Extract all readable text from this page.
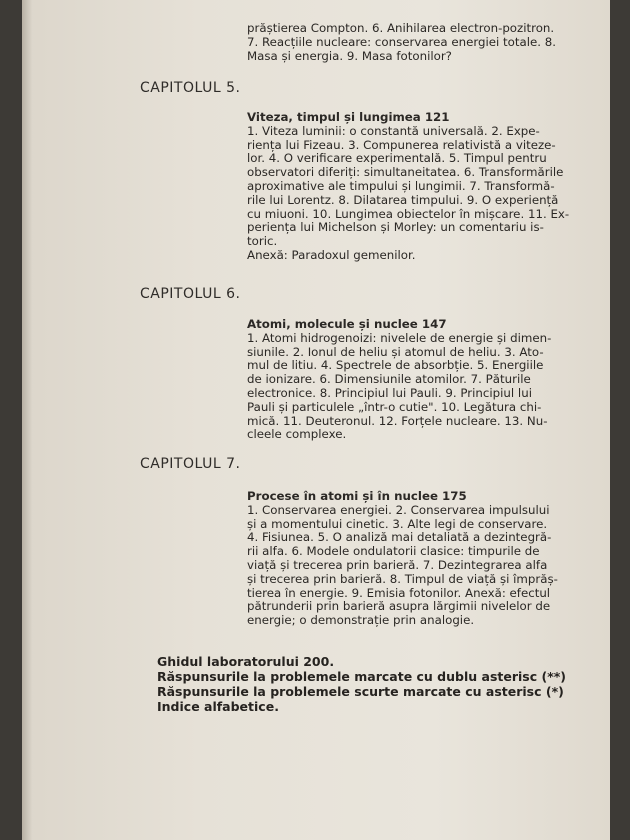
prăștierea Compton. 6. Anihilarea electron-pozitron.
7. Reacțiile nucleare: conservarea energiei totale. 8.
Masa și energia. 9. Masa fotonilor?
CAPITOLUL 5.
Viteza, timpul și lungimea 121
1. Viteza luminii: o constantă universală. 2. Expe-
riența lui Fizeau. 3. Compunerea relativistă a viteze-
lor. 4. O verificare experimentală. 5. Timpul pentru
observatori diferiți: simultaneitatea. 6. Transformările
aproximative ale timpului și lungimii. 7. Transformă-
rile lui Lorentz. 8. Dilatarea timpului. 9. O experiență
cu miuoni. 10. Lungimea obiectelor în mișcare. 11. Ex-
periența lui Michelson și Morley: un comentariu is-
toric.
Anexă: Paradoxul gemenilor.
CAPITOLUL 6.
Atomi, molecule și nuclee 147
1. Atomi hidrogenoizi: nivelele de energie și dimen-
siunile. 2. Ionul de heliu și atomul de heliu. 3. Ato-
mul de litiu. 4. Spectrele de absorbție. 5. Energiile
de ionizare. 6. Dimensiunile atomilor. 7. Păturile
electronice. 8. Principiul lui Pauli. 9. Principiul lui
Pauli și particulele „într-o cutie". 10. Legătura chi-
mică. 11. Deuteronul. 12. Forțele nucleare. 13. Nu-
cleele complexe.
CAPITOLUL 7.
Procese în atomi și în nuclee 175
1. Conservarea energiei. 2. Conservarea impulsului
și a momentului cinetic. 3. Alte legi de conservare.
4. Fisiunea. 5. O analiză mai detaliată a dezintegră-
rii alfa. 6. Modele ondulatorii clasice: timpurile de
viață și trecerea prin barieră. 7. Dezintegrarea alfa
și trecerea prin barieră. 8. Timpul de viață și împrăș-
tierea în energie. 9. Emisia fotonilor. Anexă: efectul
pătrunderii prin barieră asupra lărgimii nivelelor de
energie; o demonstrație prin analogie.
Ghidul laboratorului 200.
Răspunsurile la problemele marcate cu dublu asterisc (**)
Răspunsurile la problemele scurte marcate cu asterisc (*)
Indice alfabetice.
